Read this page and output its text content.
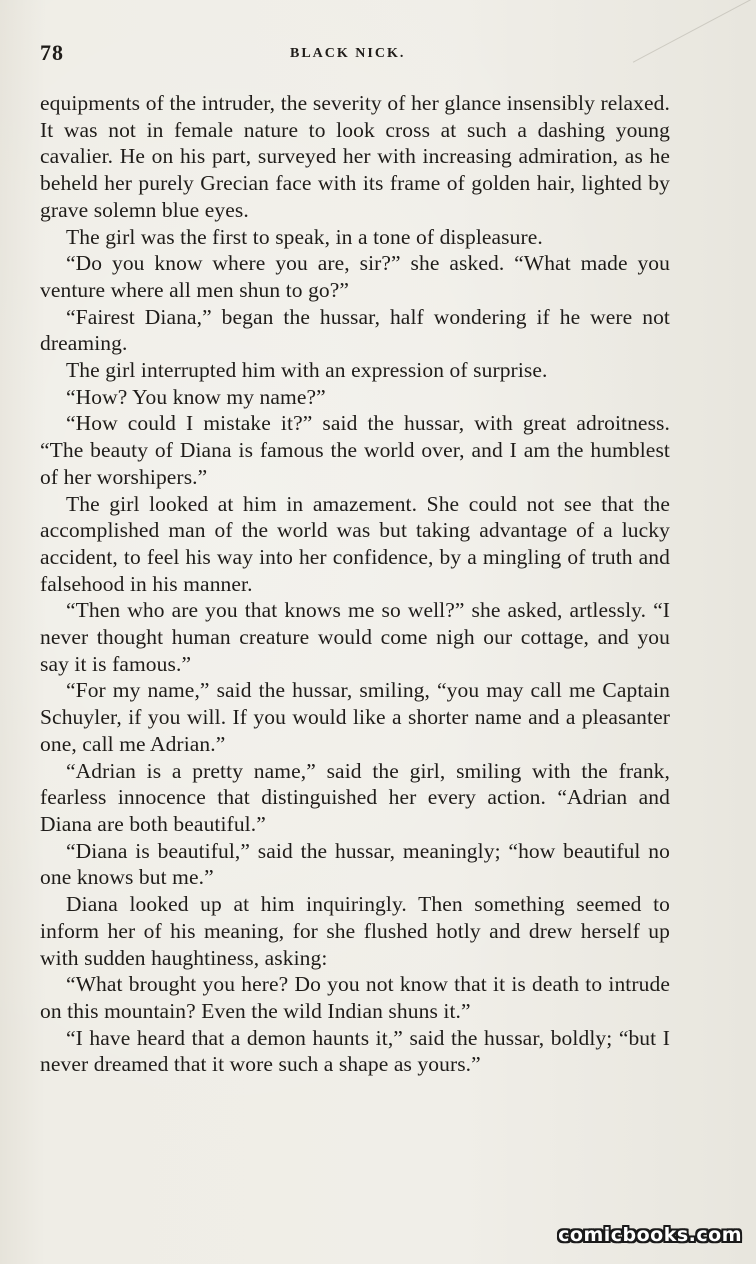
78	BLACK NICK.

equipments of the intruder, the severity of her glance insensibly relaxed. It was not in female nature to look cross at such a dashing young cavalier. He on his part, surveyed her with increasing admiration, as he beheld her purely Grecian face with its frame of golden hair, lighted by grave solemn blue eyes.

The girl was the first to speak, in a tone of displeasure.

“Do you know where you are, sir?” she asked. “What made you venture where all men shun to go?”

“Fairest Diana,” began the hussar, half wondering if he were not dreaming.

The girl interrupted him with an expression of surprise.

“How? You know my name?”

“How could I mistake it?” said the hussar, with great adroitness. “The beauty of Diana is famous the world over, and I am the humblest of her worshipers.”

The girl looked at him in amazement. She could not see that the accomplished man of the world was but taking advantage of a lucky accident, to feel his way into her confidence, by a mingling of truth and falsehood in his manner.

“Then who are you that knows me so well?” she asked, artlessly. “I never thought human creature would come nigh our cottage, and you say it is famous.”

“For my name,” said the hussar, smiling, “you may call me Captain Schuyler, if you will. If you would like a shorter name and a pleasanter one, call me Adrian.”

“Adrian is a pretty name,” said the girl, smiling with the frank, fearless innocence that distinguished her every action. “Adrian and Diana are both beautiful.”

“Diana is beautiful,” said the hussar, meaningly; “how beautiful no one knows but me.”

Diana looked up at him inquiringly. Then something seemed to inform her of his meaning, for she flushed hotly and drew herself up with sudden haughtiness, asking:

“What brought you here? Do you not know that it is death to intrude on this mountain? Even the wild Indian shuns it.”

“I have heard that a demon haunts it,” said the hussar, boldly; “but I never dreamed that it wore such a shape as yours.”

comicbooks.com
